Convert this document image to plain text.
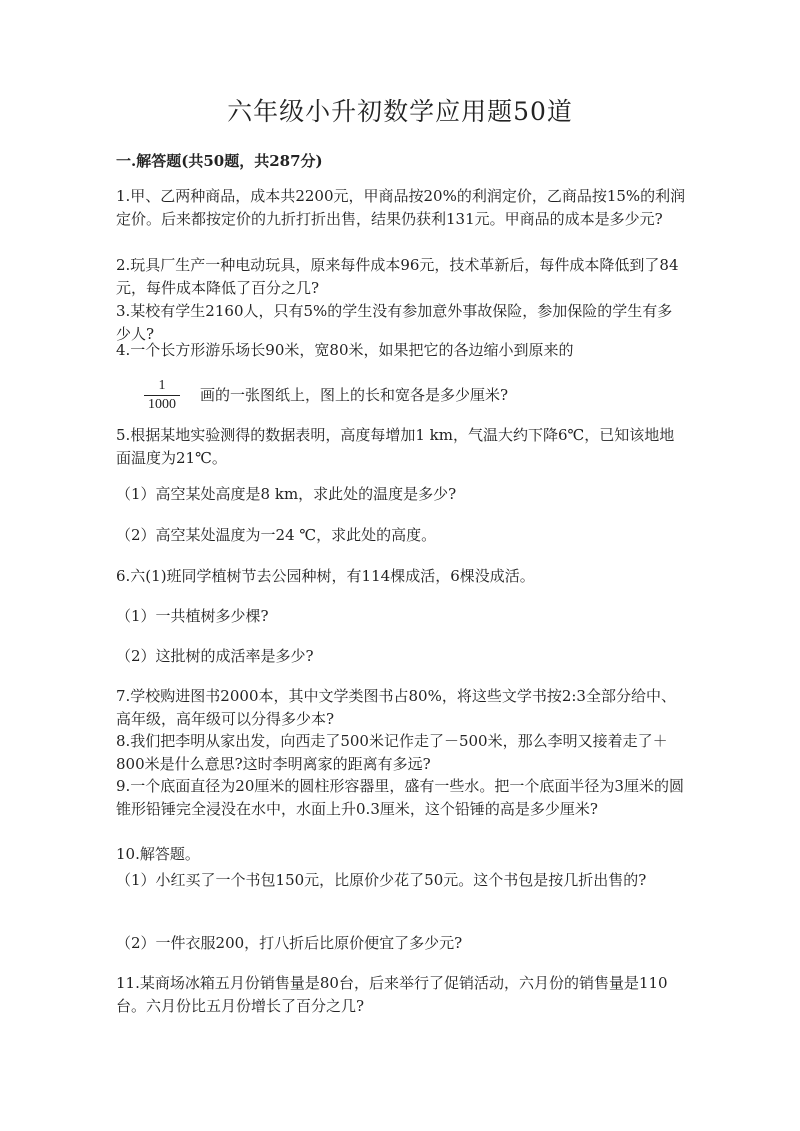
六年级小升初数学应用题50道

一.解答题(共50题，共287分)

1.甲、乙两种商品，成本共2200元，甲商品按20%的利润定价，乙商品按15%的利润定价。后来都按定价的九折打折出售，结果仍获利131元。甲商品的成本是多少元?

2.玩具厂生产一种电动玩具，原来每件成本96元，技术革新后，每件成本降低到了84元，每件成本降低了百分之几?

3.某校有学生2160人，只有5%的学生没有参加意外事故保险，参加保险的学生有多少人?

4.一个长方形游乐场长90米，宽80米，如果把它的各边缩小到原来的

1
1000

画的一张图纸上，图上的长和宽各是多少厘米?

5.根据某地实验测得的数据表明，高度每增加1 km，气温大约下降6℃，已知该地地面温度为21℃。

（1）高空某处高度是8 km，求此处的温度是多少?

（2）高空某处温度为一24 ℃，求此处的高度。

6.六(1)班同学植树节去公园种树，有114棵成活，6棵没成活。

（1）一共植树多少棵?

（2）这批树的成活率是多少?

7.学校购进图书2000本，其中文学类图书占80%，将这些文学书按2:3全部分给中、高年级，高年级可以分得多少本?

8.我们把李明从家出发，向西走了500米记作走了－500米，那么李明又接着走了＋800米是什么意思?这时李明离家的距离有多远?

9.一个底面直径为20厘米的圆柱形容器里，盛有一些水。把一个底面半径为3厘米的圆锥形铅锤完全浸没在水中，水面上升0.3厘米，这个铅锤的高是多少厘米?

10.解答题。

（1）小红买了一个书包150元，比原价少花了50元。这个书包是按几折出售的?

（2）一件衣服200，打八折后比原价便宜了多少元?

11.某商场冰箱五月份销售量是80台，后来举行了促销活动，六月份的销售量是110台。六月份比五月份增长了百分之几?
